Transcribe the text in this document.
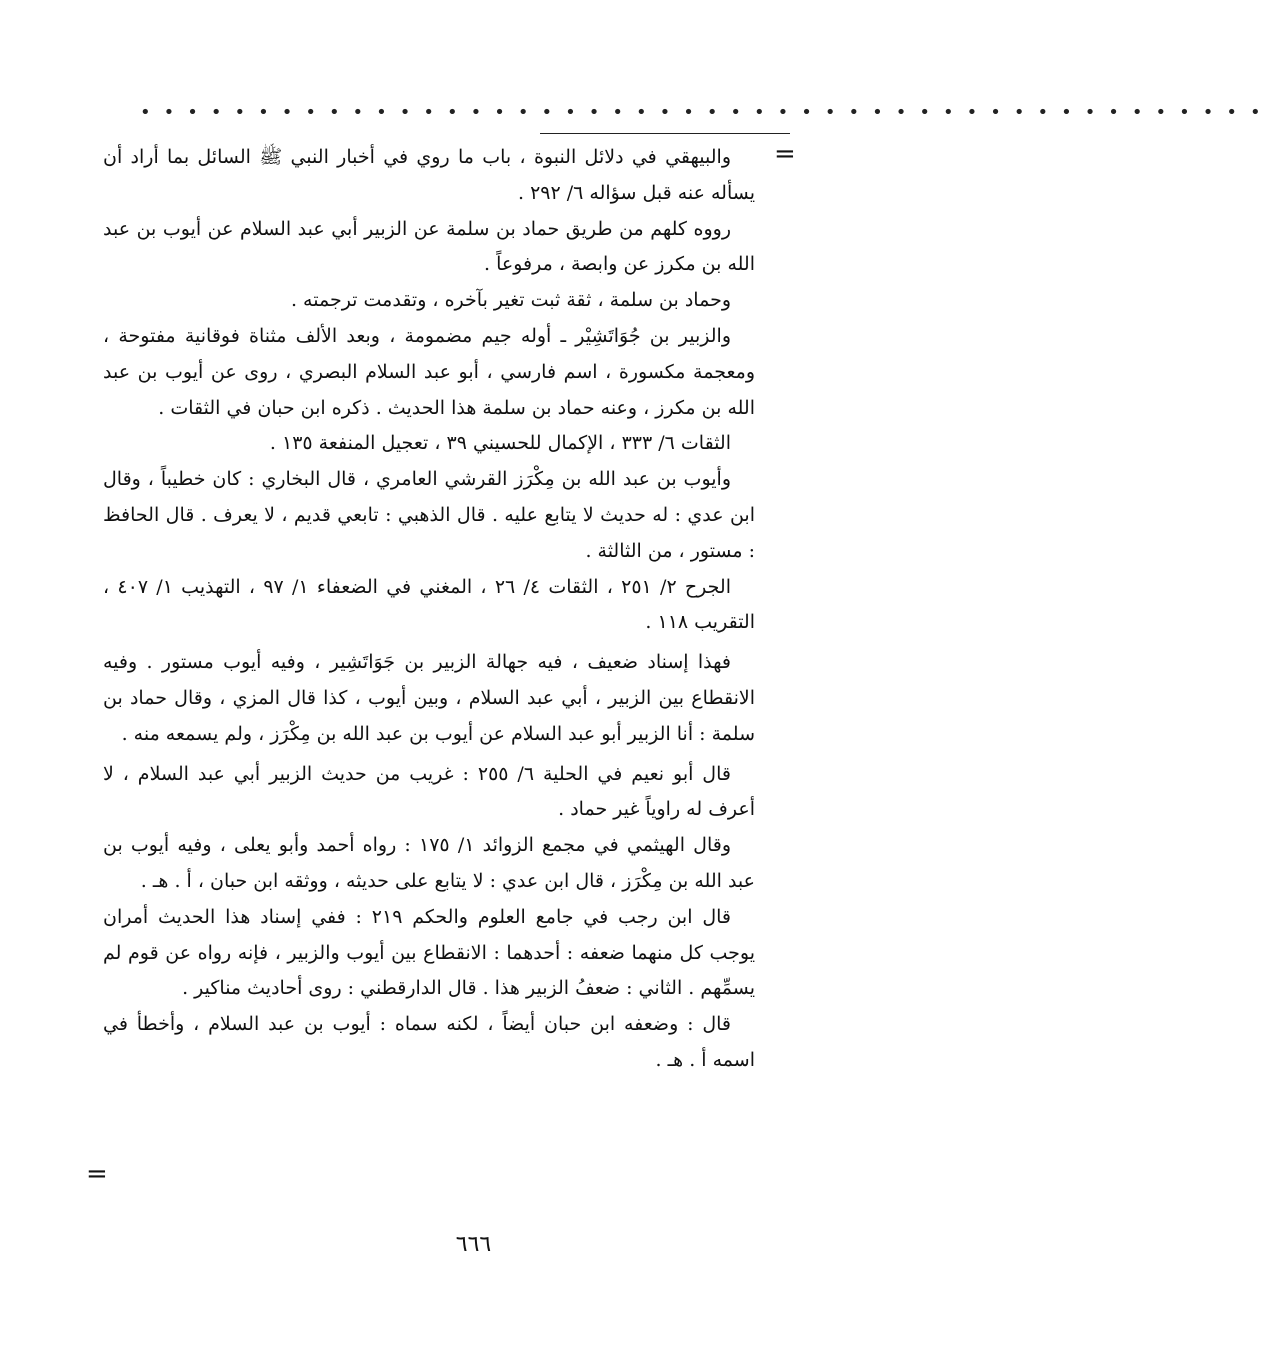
••••••••••••••••••••••••••••••••••••••••••••••••
=

والبيهقي في دلائل النبوة ، باب ما روي في أخبار النبي ﷺ السائل بما أراد أن يسأله عنه قبل سؤاله ٦/ ٢٩٢ .

رووه كلهم من طريق حماد بن سلمة عن الزبير أبي عبد السلام عن أيوب بن عبد الله بن مكرز عن وابصة ، مرفوعاً .

وحماد بن سلمة ، ثقة ثبت تغير بآخره ، وتقدمت ترجمته .

والزبير بن جُوَاتَشِيْر ـ أوله جيم مضمومة ، وبعد الألف مثناة فوقانية مفتوحة ، ومعجمة مكسورة ، اسم فارسي ، أبو عبد السلام البصري ، روى عن أيوب بن عبد الله بن مكرز ، وعنه حماد بن سلمة هذا الحديث . ذكره ابن حبان في الثقات .

الثقات ٦/ ٣٣٣ ، الإكمال للحسيني ٣٩ ، تعجيل المنفعة ١٣٥ .

وأيوب بن عبد الله بن مِكْرَز القرشي العامري ، قال البخاري : كان خطيباً ، وقال ابن عدي : له حديث لا يتابع عليه . قال الذهبي : تابعي قديم ، لا يعرف . قال الحافظ : مستور ، من الثالثة .

الجرح ٢/ ٢٥١ ، الثقات ٤/ ٢٦ ، المغني في الضعفاء ١/ ٩٧ ، التهذيب ١/ ٤٠٧ ، التقريب ١١٨ .

فهذا إسناد ضعيف ، فيه جهالة الزبير بن جَوَاتَشِير ، وفيه أيوب مستور . وفيه الانقطاع بين الزبير ، أبي عبد السلام ، وبين أيوب ، كذا قال المزي ، وقال حماد بن سلمة : أنا الزبير أبو عبد السلام عن أيوب بن عبد الله بن مِكْرَز ، ولم يسمعه منه .

قال أبو نعيم في الحلية ٦/ ٢٥٥ : غريب من حديث الزبير أبي عبد السلام ، لا أعرف له راوياً غير حماد .

وقال الهيثمي في مجمع الزوائد ١/ ١٧٥ : رواه أحمد وأبو يعلى ، وفيه أيوب بن عبد الله بن مِكْرَز ، قال ابن عدي : لا يتابع على حديثه ، ووثقه ابن حبان ، أ . هـ .

قال ابن رجب في جامع العلوم والحكم ٢١٩ : ففي إسناد هذا الحديث أمران يوجب كل منهما ضعفه : أحدهما : الانقطاع بين أيوب والزبير ، فإنه رواه عن قوم لم يسمِّهم . الثاني : ضعفُ الزبير هذا . قال الدارقطني : روى أحاديث مناكير .

قال : وضعفه ابن حبان أيضاً ، لكنه سماه : أيوب بن عبد السلام ، وأخطأ في اسمه أ . هـ .

=
٦٦٦
